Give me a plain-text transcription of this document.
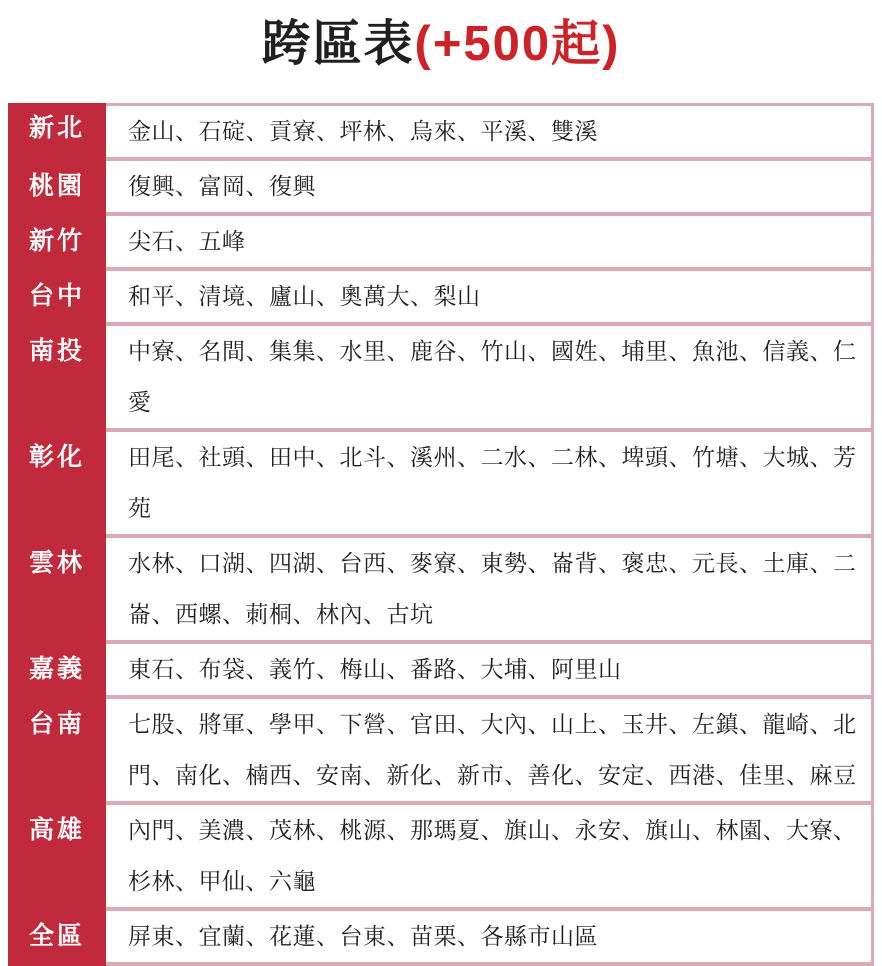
跨區表(+500起)
新北	金山、石碇、貢寮、坪林、烏來、平溪、雙溪
桃園	復興、富岡、復興
新竹	尖石、五峰
台中	和平、清境、廬山、奧萬大、梨山
南投	中寮、名間、集集、水里、鹿谷、竹山、國姓、埔里、魚池、信義、仁愛
彰化	田尾、社頭、田中、北斗、溪州、二水、二林、埤頭、竹塘、大城、芳苑
雲林	水林、口湖、四湖、台西、麥寮、東勢、崙背、褒忠、元長、土庫、二崙、西螺、莿桐、林內、古坑
嘉義	東石、布袋、義竹、梅山、番路、大埔、阿里山
台南	七股、將軍、學甲、下營、官田、大內、山上、玉井、左鎮、龍崎、北門、南化、楠西、安南、新化、新市、善化、安定、西港、佳里、麻豆
高雄	內門、美濃、茂林、桃源、那瑪夏、旗山、永安、旗山、林園、大寮、杉林、甲仙、六龜
全區	屏東、宜蘭、花蓮、台東、苗栗、各縣市山區
